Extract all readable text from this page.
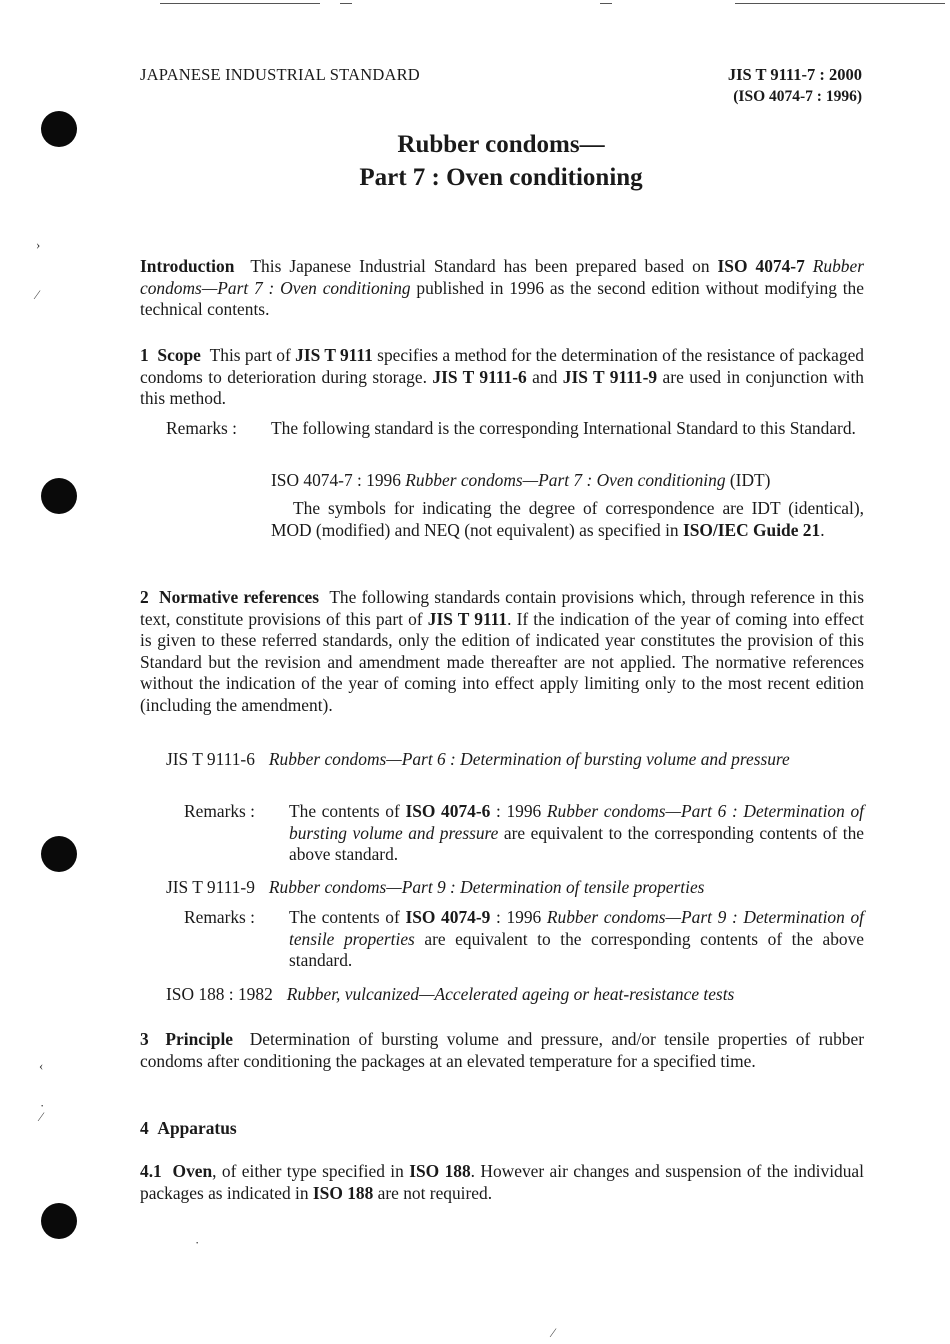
›
⁄
‹
·
⁄
JAPANESE INDUSTRIAL STANDARD	JIS T 9111-7 : 2000
(ISO 4074-7 : 1996)
Rubber condoms—
Part 7 : Oven conditioning
Introduction This Japanese Industrial Standard has been prepared based on ISO 4074-7 Rubber condoms—Part 7 : Oven conditioning published in 1996 as the second edition without modifying the technical contents.
1 Scope This part of JIS T 9111 specifies a method for the determination of the resistance of packaged condoms to deterioration during storage. JIS T 9111-6 and JIS T 9111-9 are used in conjunction with this method.
Remarks : The following standard is the corresponding International Standard to this Standard.
ISO 4074-7 : 1996 Rubber condoms—Part 7 : Oven conditioning (IDT)
The symbols for indicating the degree of correspondence are IDT (identical), MOD (modified) and NEQ (not equivalent) as specified in ISO/IEC Guide 21.
2 Normative references The following standards contain provisions which, through reference in this text, constitute provisions of this part of JIS T 9111. If the indication of the year of coming into effect is given to these referred standards, only the edition of indicated year constitutes the provision of this Standard but the revision and amendment made thereafter are not applied. The normative references without the indication of the year of coming into effect apply limiting only to the most recent edition (including the amendment).
JIS T 9111-6 Rubber condoms—Part 6 : Determination of bursting volume and pressure
Remarks : The contents of ISO 4074-6 : 1996 Rubber condoms—Part 6 : Determination of bursting volume and pressure are equivalent to the corresponding contents of the above standard.
JIS T 9111-9 Rubber condoms—Part 9 : Determination of tensile properties
Remarks : The contents of ISO 4074-9 : 1996 Rubber condoms—Part 9 : Determination of tensile properties are equivalent to the corresponding contents of the above standard.
ISO 188 : 1982 Rubber, vulcanized—Accelerated ageing or heat-resistance tests
3 Principle Determination of bursting volume and pressure, and/or tensile properties of rubber condoms after conditioning the packages at an elevated temperature for a specified time.
4 Apparatus
4.1 Oven, of either type specified in ISO 188. However air changes and suspension of the individual packages as indicated in ISO 188 are not required.
·
⁄
